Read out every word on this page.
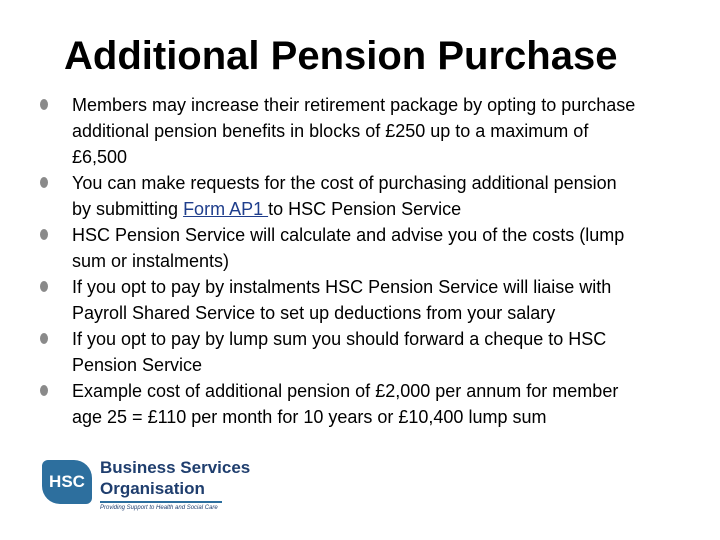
Additional Pension Purchase
Members may increase their retirement package by opting to purchase
additional pension benefits in blocks of £250 up to a maximum of
£6,500
You can make requests for the cost of purchasing additional pension
by submitting Form AP1 to HSC Pension Service
HSC Pension Service will calculate and advise you of the costs (lump
sum or instalments)
If you opt to pay by instalments HSC Pension Service will liaise with
Payroll Shared Service to set up deductions from your salary
If you opt to pay by lump sum you should forward a cheque to HSC
Pension Service
Example cost of additional pension of £2,000 per annum for member
age 25 = £110 per month for 10 years or £10,400 lump sum
HSC
Business Services
Organisation
Providing Support to Health and Social Care
